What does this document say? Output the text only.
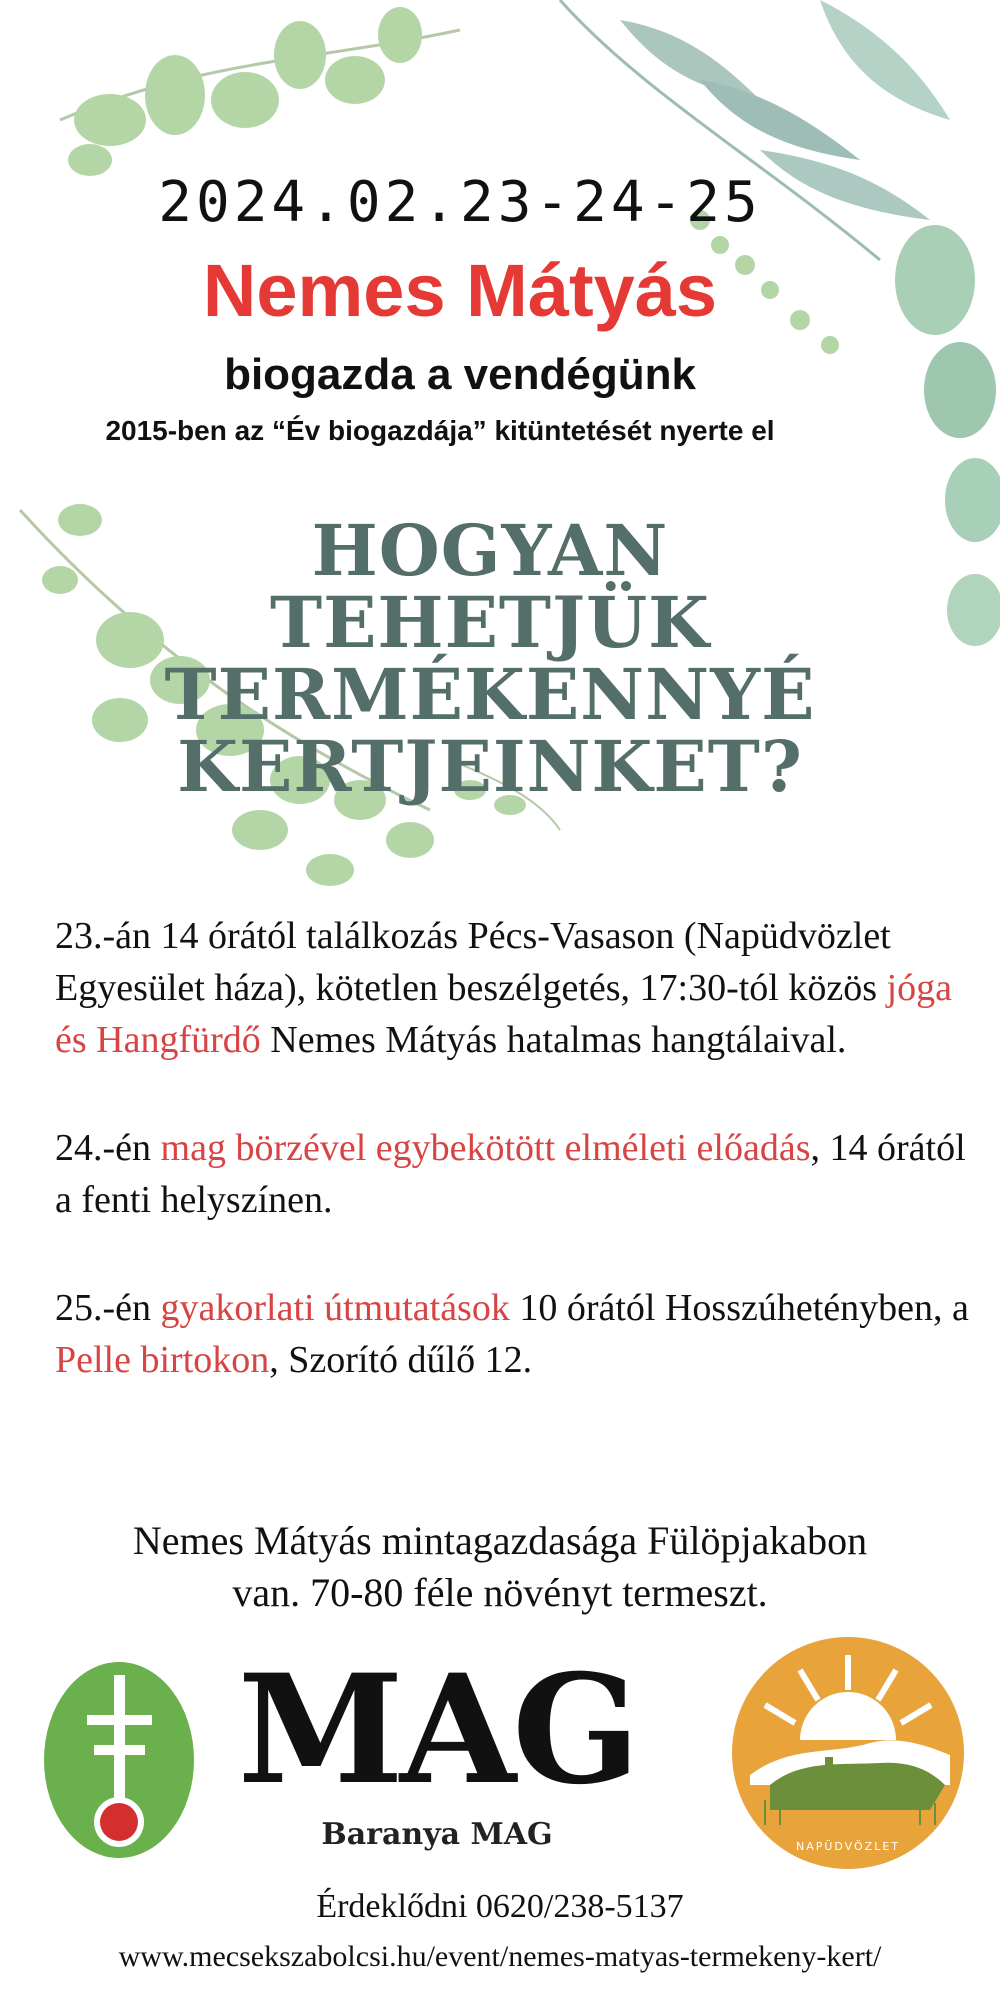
2024.02.23-24-25
Nemes Mátyás
biogazda a vendégünk
2015-ben az “Év biogazdája” kitüntetését nyerte el
HOGYAN TEHETJÜK
TERMÉKENNYÉ
KERTJEINKET?

23.-án 14 órától találkozás Pécs-Vasason (Napüdvözlet Egyesület háza), kötetlen beszélgetés, 17:30-tól közös jóga és Hangfürdő Nemes Mátyás hatalmas hangtálaival.

24.-én mag börzével egybekötött elméleti előadás, 14 órától a fenti helyszínen.

25.-én gyakorlati útmutatások 10 órától Hosszúhetényben, a Pelle birtokon, Szorító dűlő 12.

Nemes Mátyás mintagazdasága Fülöpjakabon
van. 70-80 féle növényt termeszt.
MAG
Baranya MAG	NAPÜDVÖZLET
Érdeklődni 0620/238-5137
www.mecsekszabolcsi.hu/event/nemes-matyas-termekeny-kert/
